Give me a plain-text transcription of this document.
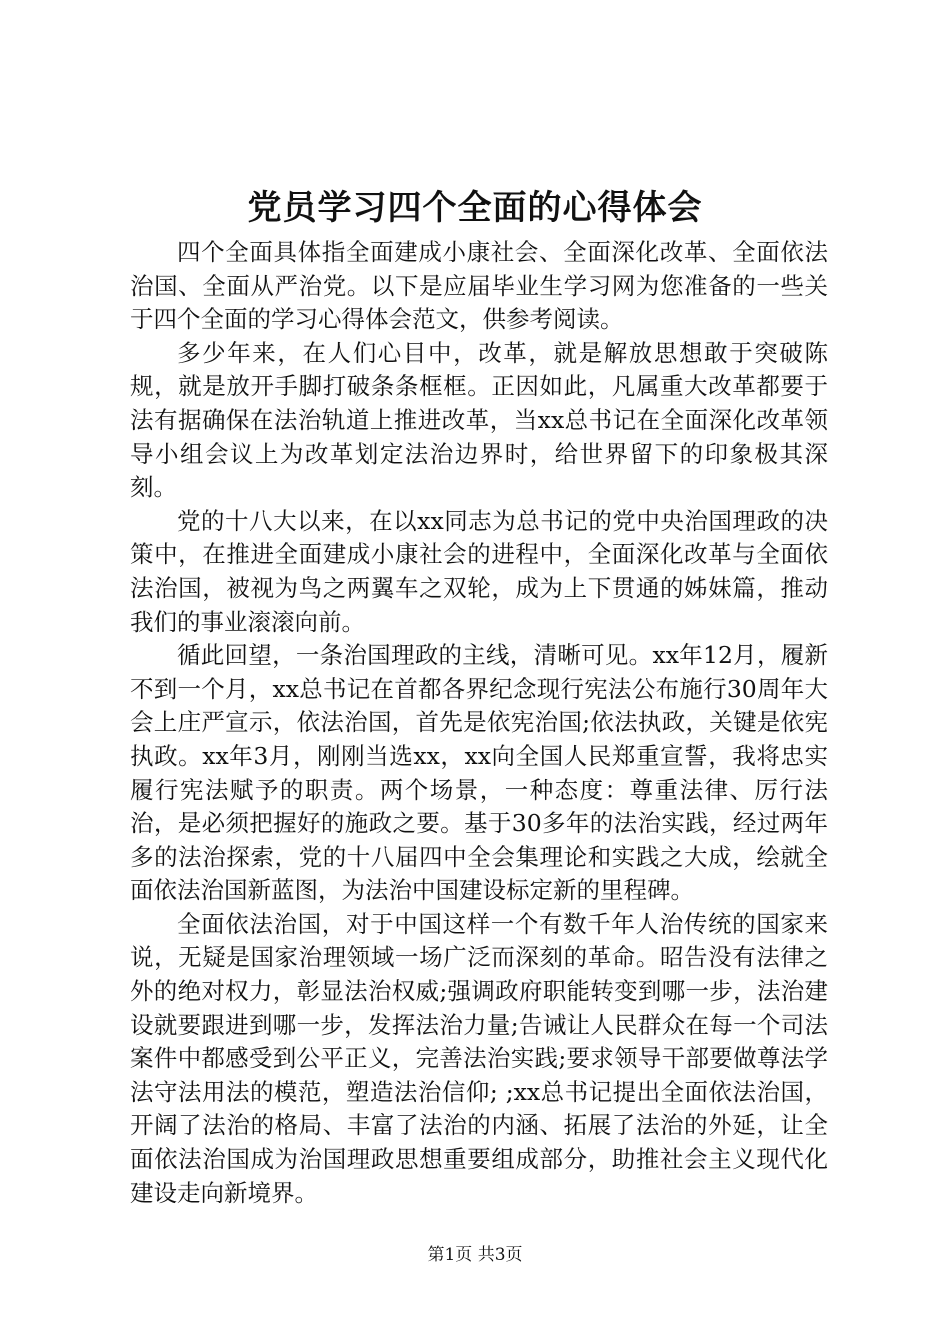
党员学习四个全面的心得体会

四个全面具体指全面建成小康社会、全面深化改革、全面依法治国、全面从严治党。以下是应届毕业生学习网为您准备的一些关于四个全面的学习心得体会范文，供参考阅读。

多少年来，在人们心目中，改革，就是解放思想敢于突破陈规，就是放开手脚打破条条框框。正因如此，凡属重大改革都要于法有据确保在法治轨道上推进改革，当xx总书记在全面深化改革领导小组会议上为改革划定法治边界时，给世界留下的印象极其深刻。

党的十八大以来，在以xx同志为总书记的党中央治国理政的决策中，在推进全面建成小康社会的进程中，全面深化改革与全面依法治国，被视为鸟之两翼车之双轮，成为上下贯通的姊妹篇，推动我们的事业滚滚向前。

循此回望，一条治国理政的主线，清晰可见。xx年12月，履新不到一个月，xx总书记在首都各界纪念现行宪法公布施行30周年大会上庄严宣示，依法治国，首先是依宪治国;依法执政，关键是依宪执政。xx年3月，刚刚当选xx，xx向全国人民郑重宣誓，我将忠实履行宪法赋予的职责。两个场景，一种态度：尊重法律、厉行法治，是必须把握好的施政之要。基于30多年的法治实践，经过两年多的法治探索，党的十八届四中全会集理论和实践之大成，绘就全面依法治国新蓝图，为法治中国建设标定新的里程碑。

全面依法治国，对于中国这样一个有数千年人治传统的国家来说，无疑是国家治理领域一场广泛而深刻的革命。昭告没有法律之外的绝对权力，彰显法治权威;强调政府职能转变到哪一步，法治建设就要跟进到哪一步，发挥法治力量;告诫让人民群众在每一个司法案件中都感受到公平正义，完善法治实践;要求领导干部要做尊法学法守法用法的模范，塑造法治信仰; ;xx总书记提出全面依法治国，开阔了法治的格局、丰富了法治的内涵、拓展了法治的外延，让全面依法治国成为治国理政思想重要组成部分，助推社会主义现代化建设走向新境界。

第1页 共3页
